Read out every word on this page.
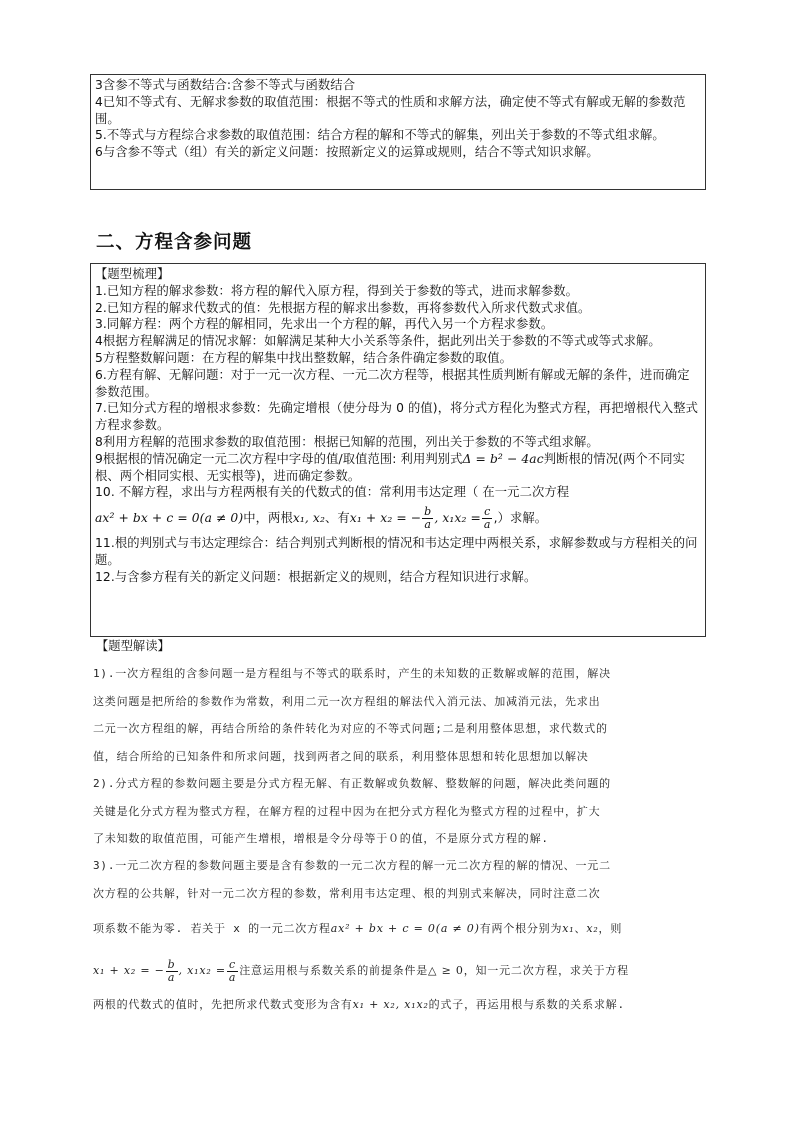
3含参不等式与函数结合:含参不等式与函数结合

4已知不等式有、无解求参数的取值范围：根据不等式的性质和求解方法，确定使不等式有解或无解的参数范围。

5.不等式与方程综合求参数的取值范围：结合方程的解和不等式的解集，列出关于参数的不等式组求解。

6与含参不等式（组）有关的新定义问题：按照新定义的运算或规则，结合不等式知识求解。

二、方程含参问题

【题型梳理】

1.已知方程的解求参数：将方程的解代入原方程，得到关于参数的等式，进而求解参数。

2.已知方程的解求代数式的值：先根据方程的解求出参数，再将参数代入所求代数式求值。

3.同解方程：两个方程的解相同，先求出一个方程的解，再代入另一个方程求参数。

4根据方程解满足的情况求解：如解满足某种大小关系等条件，据此列出关于参数的不等式或等式求解。

5方程整数解问题：在方程的解集中找出整数解，结合条件确定参数的取值。

6.方程有解、无解问题：对于一元一次方程、一元二次方程等，根据其性质判断有解或无解的条件，进而确定参数范围。

7.已知分式方程的增根求参数：先确定增根（使分母为 0 的值)，将分式方程化为整式方程，再把增根代入整式方程求参数。

8利用方程解的范围求参数的取值范围：根据已知解的范围，列出关于参数的不等式组求解。

9根据根的情况确定一元二次方程中字母的值/取值范围: 利用判别式Δ = b² − 4ac判断根的情况(两个不同实根、两个相同实根、无实根等)，进而确定参数。

10. 不解方程，求出与方程两根有关的代数式的值：常利用韦达定理（ 在一元二次方程

ax² + bx + c = 0(a ≠ 0)中，两根x₁, x₂、有x₁ + x₂ = − $\frac{b}{a}$ , $x_1x_2 = \frac{c}{a}$ ,）求解。

11.根的判别式与韦达定理综合：结合判别式判断根的情况和韦达定理中两根关系，求解参数或与方程相关的问题。

12.与含参方程有关的新定义问题：根据新定义的规则，结合方程知识进行求解。

【题型解读】

1).一次方程组的含参问题一是方程组与不等式的联系时，产生的未知数的正数解或解的范围，解决

这类问题是把所给的参数作为常数，利用二元一次方程组的解法代入消元法、加减消元法，先求出

二元一次方程组的解，再结合所给的条件转化为对应的不等式问题;二是利用整体思想，求代数式的

值，结合所给的已知条件和所求问题，找到两者之间的联系，利用整体思想和转化思想加以解决

2).分式方程的参数问题主要是分式方程无解、有正数解或负数解、整数解的问题，解决此类问题的

关键是化分式方程为整式方程，在解方程的过程中因为在把分式方程化为整式方程的过程中，扩大

了未知数的取值范围，可能产生增根，增根是令分母等于０的值，不是原分式方程的解.

3).一元二次方程的参数问题主要是含有参数的一元二次方程的解一元二次方程的解的情况、一元二

次方程的公共解，针对一元二次方程的参数，常利用韦达定理、根的判别式来解决，同时注意二次

项系数不能为零. 若关于 x 的一元二次方程ax² + bx + c = 0(a ≠ 0)有两个根分别为x₁、x₂，则

x₁ + x₂ = − $\frac{b}{a}$ , $x_1x_2 = \frac{c}{a}$ 注意运用根与系数关系的前提条件是△ ≥ 0，知一元二次方程，求关于方程

两根的代数式的值时，先把所求代数式变形为含有x₁ + x₂, x₁x₂的式子，再运用根与系数的关系求解.
